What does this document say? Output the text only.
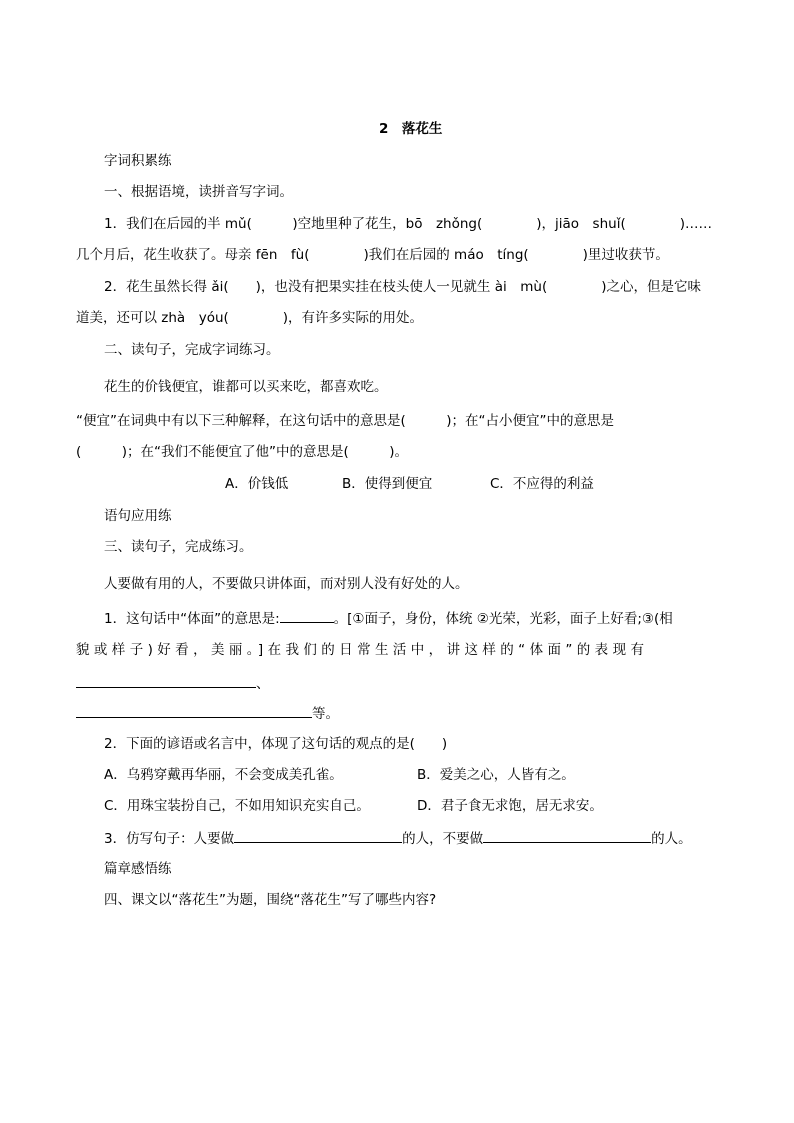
2　落花生
字词积累练
一、根据语境，读拼音写字词。
1．我们在后园的半 mǔ(　　　)空地里种了花生，bō　zhǒng(　　　　)，jiāo　shuǐ(　　　　)……
几个月后，花生收获了。母亲 fēn　fù(　　　　)我们在后园的 máo　tíng(　　　　)里过收获节。
2．花生虽然长得 ǎi(　　)，也没有把果实挂在枝头使人一见就生 ài　mù(　　　　)之心，但是它味
道美，还可以 zhà　yóu(　　　　)，有许多实际的用处。
二、读句子，完成字词练习。
花生的价钱便宜，谁都可以买来吃，都喜欢吃。
“便宜”在词典中有以下三种解释，在这句话中的意思是(　　　)；在“占小便宜”中的意思是
(　　　)；在“我们不能便宜了他”中的意思是(　　　)。
A．价钱低	B．使得到便宜	C．不应得的利益
语句应用练
三、读句子，完成练习。
人要做有用的人，不要做只讲体面，而对别人没有好处的人。
1．这句话中“体面”的意思是:	。[①面子，身份，体统 ②光荣，光彩，面子上好看;③(相
貌或样子)好看，美丽。]在我们的日常生活中，讲这样的“体面”的表现有
、
等。
2．下面的谚语或名言中，体现了这句话的观点的是(　　)
A．乌鸦穿戴再华丽，不会变成美孔雀。	B．爱美之心，人皆有之。
C．用珠宝装扮自己，不如用知识充实自己。	D．君子食无求饱，居无求安。
3．仿写句子：人要做	的人，不要做	的人。
篇章感悟练
四、课文以“落花生”为题，围绕“落花生”写了哪些内容?
